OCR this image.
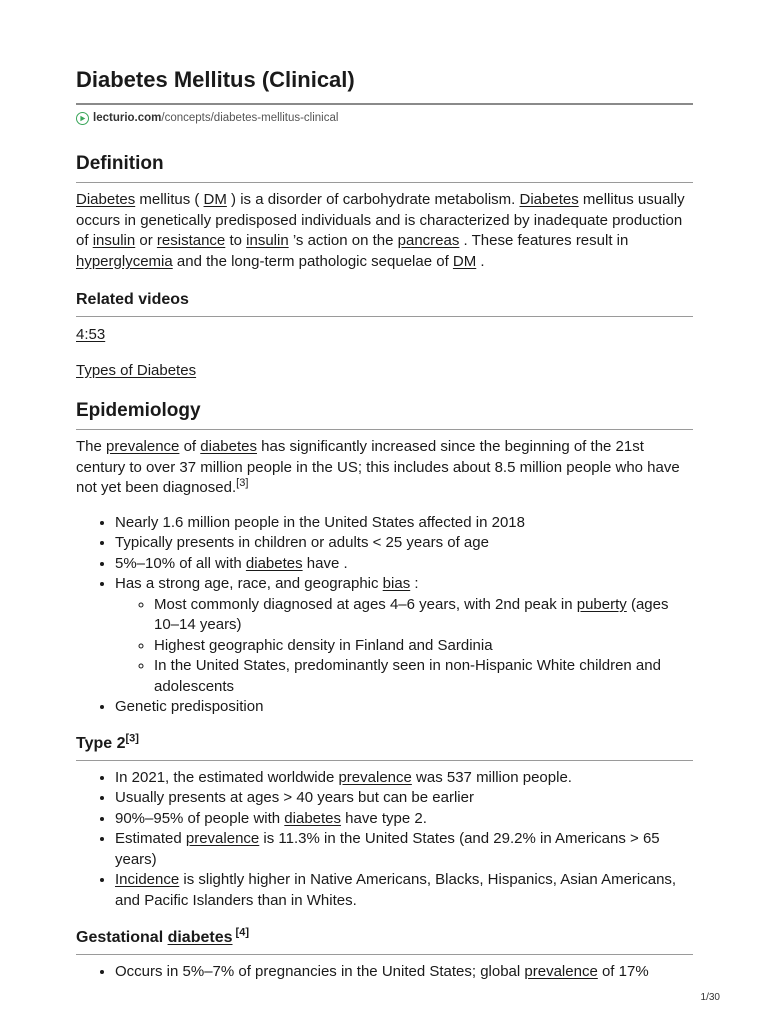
Diabetes Mellitus (Clinical)
lecturio.com /concepts/diabetes-mellitus-clinical
Definition

Diabetes mellitus ( DM ) is a disorder of carbohydrate metabolism. Diabetes mellitus usually occurs in genetically predisposed individuals and is characterized by inadequate production of insulin or resistance to insulin ’s action on the pancreas . These features result in hyperglycemia and the long-term pathologic sequelae of DM .

Related videos

4:53

Types of Diabetes

Epidemiology

The prevalence of diabetes has significantly increased since the beginning of the 21st century to over 37 million people in the US; this includes about 8.5 million people who have not yet been diagnosed.[3]

• Nearly 1.6 million people in the United States affected in 2018
• Typically presents in children or adults < 25 years of age
• 5%–10% of all with diabetes have .
• Has a strong age, race, and geographic bias :
◦ Most commonly diagnosed at ages 4–6 years, with 2nd peak in puberty (ages 10–14 years)
◦ Highest geographic density in Finland and Sardinia
◦ In the United States, predominantly seen in non-Hispanic White children and adolescents
• Genetic predisposition
Type 2[3]
• In 2021, the estimated worldwide prevalence was 537 million people.
• Usually presents at ages > 40 years but can be earlier
• 90%–95% of people with diabetes have type 2.
• Estimated prevalence is 11.3% in the United States (and 29.2% in Americans > 65 years)
• Incidence is slightly higher in Native Americans, Blacks, Hispanics, Asian Americans, and Pacific Islanders than in Whites.
Gestational diabetes [4]
• Occurs in 5%–7% of pregnancies in the United States; global prevalence of 17%
1/30
